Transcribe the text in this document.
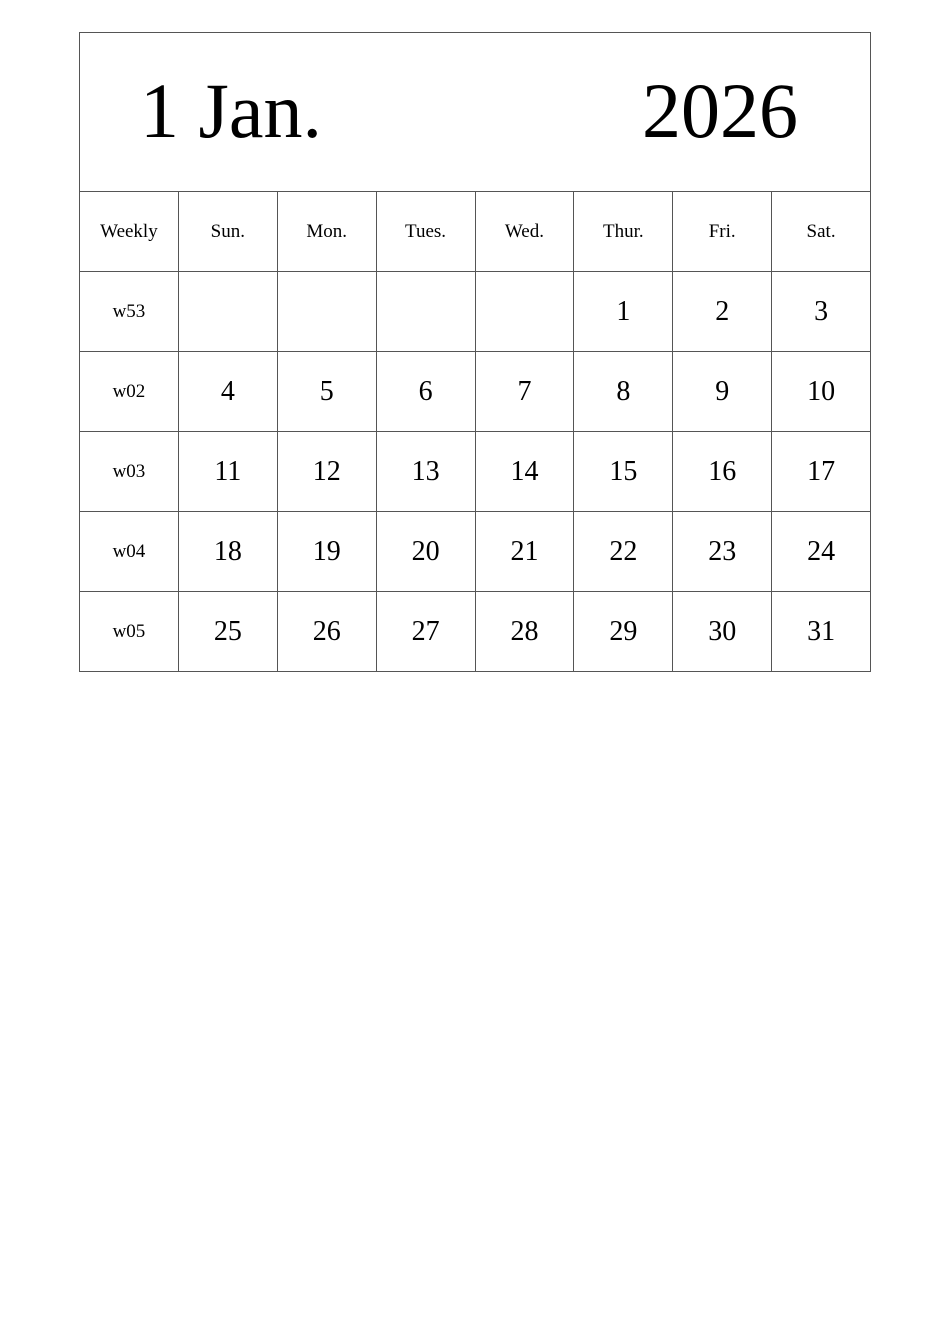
1 Jan. 2026							

Weekly	Sun.	Mon.	Tues.	Wed.	Thur.	Fri.	Sat.
w53					1	2	3
w02	4	5	6	7	8	9	10
w03	11	12	13	14	15	16	17
w04	18	19	20	21	22	23	24
w05	25	26	27	28	29	30	31
